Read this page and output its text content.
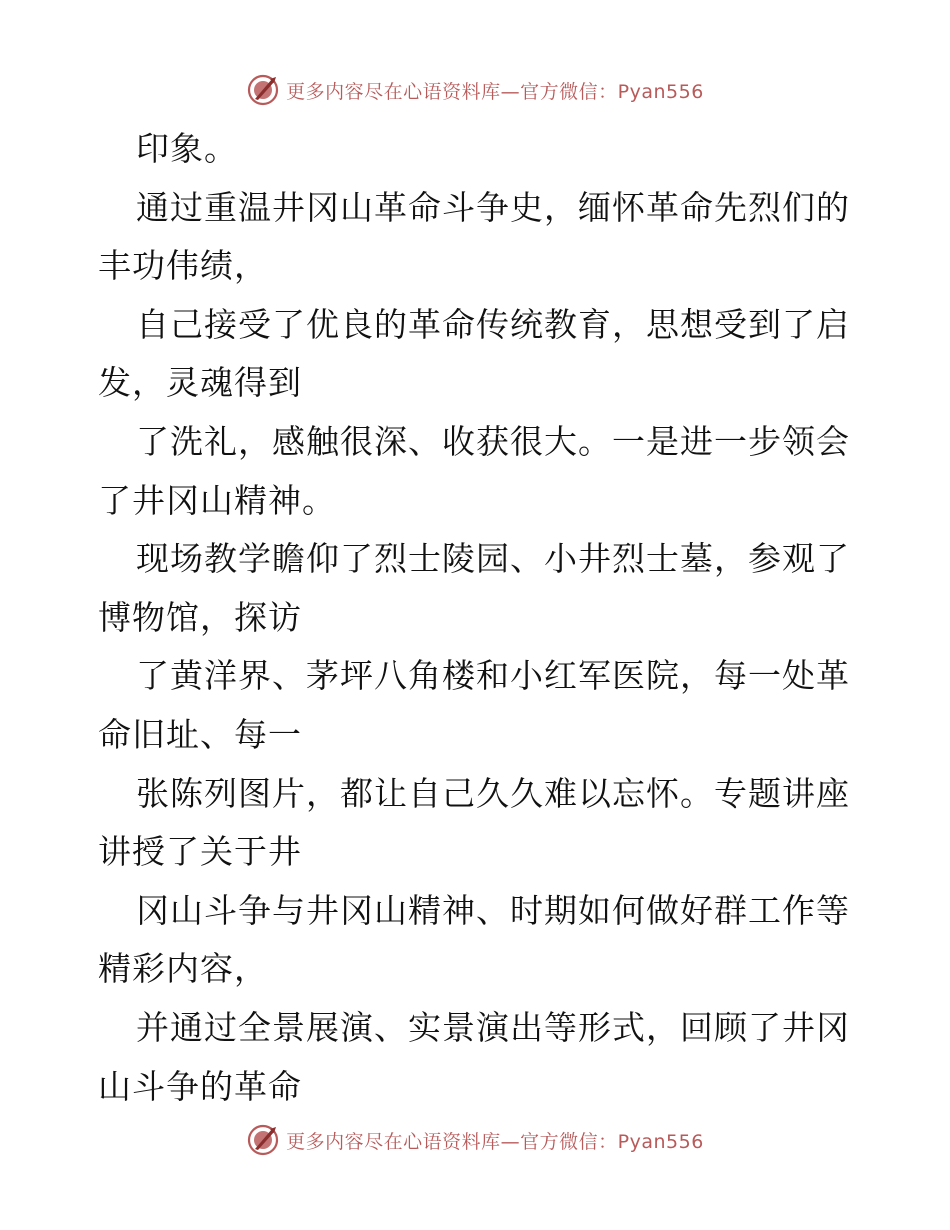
更多内容尽在心语资料库—官方微信：Pyan556
印象。
通过重温井冈山革命斗争史，缅怀革命先烈们的
丰功伟绩，
自己接受了优良的革命传统教育，思想受到了启
发，灵魂得到
了洗礼，感触很深、收获很大。一是进一步领会
了井冈山精神。
现场教学瞻仰了烈士陵园、小井烈士墓，参观了
博物馆，探访
了黄洋界、茅坪八角楼和小红军医院，每一处革
命旧址、每一
张陈列图片，都让自己久久难以忘怀。专题讲座
讲授了关于井
冈山斗争与井冈山精神、时期如何做好群工作等
精彩内容，
并通过全景展演、实景演出等形式，回顾了井冈
山斗争的革命
更多内容尽在心语资料库—官方微信：Pyan556
